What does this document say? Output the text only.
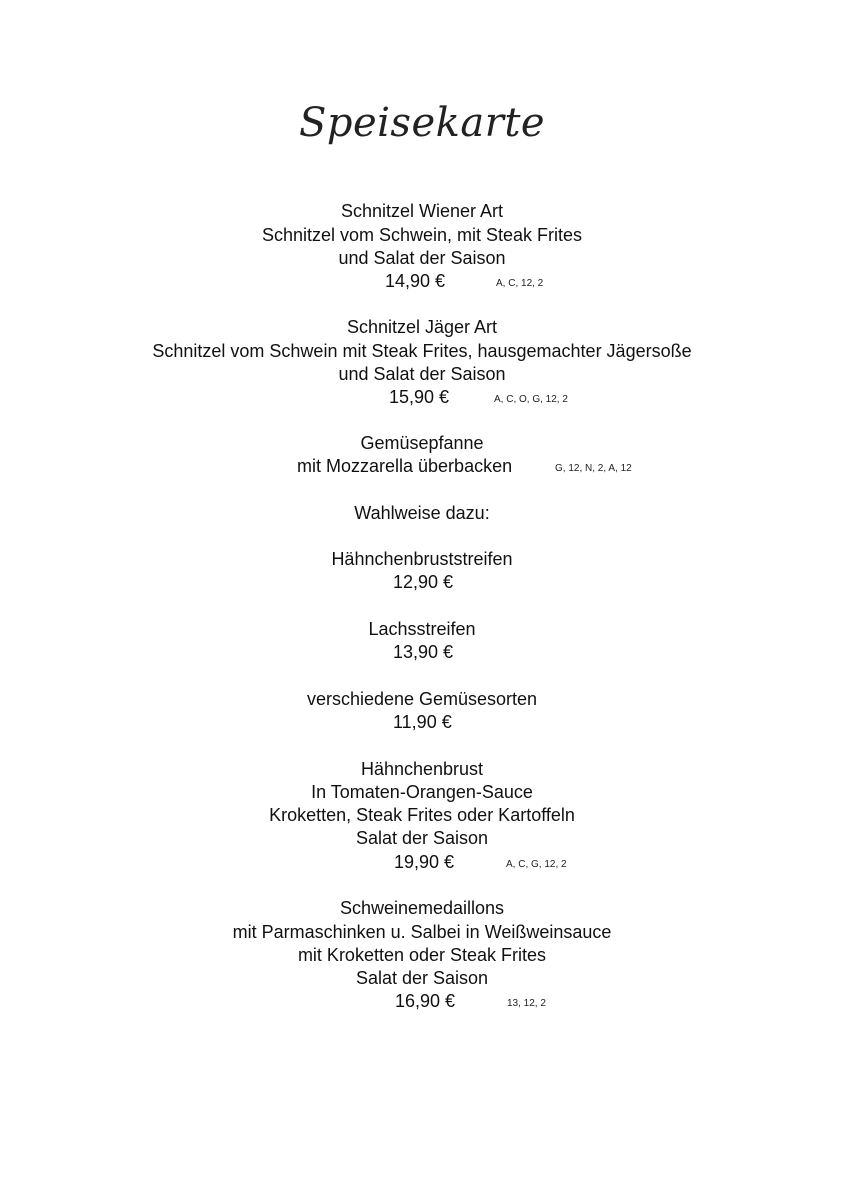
Speisekarte
Schnitzel Wiener Art
Schnitzel vom Schwein, mit Steak Frites
und Salat der Saison
14,90 €	A, C, 12, 2
Schnitzel Jäger Art
Schnitzel vom Schwein mit Steak Frites, hausgemachter Jägersoße
und Salat der Saison
15,90 €	A, C, O, G, 12, 2
Gemüsepfanne
mit Mozzarella überbacken	G, 12, N, 2, A, 12
Wahlweise dazu:
Hähnchenbruststreifen
12,90 €
Lachsstreifen
13,90 €
verschiedene Gemüsesorten
11,90 €
Hähnchenbrust
In Tomaten-Orangen-Sauce
Kroketten, Steak Frites oder Kartoffeln
Salat der Saison
19,90 €	A, C, G, 12, 2
Schweinemedaillons
mit Parmaschinken u. Salbei in Weißweinsauce
mit Kroketten oder Steak Frites
Salat der Saison
16,90 €	13, 12, 2
